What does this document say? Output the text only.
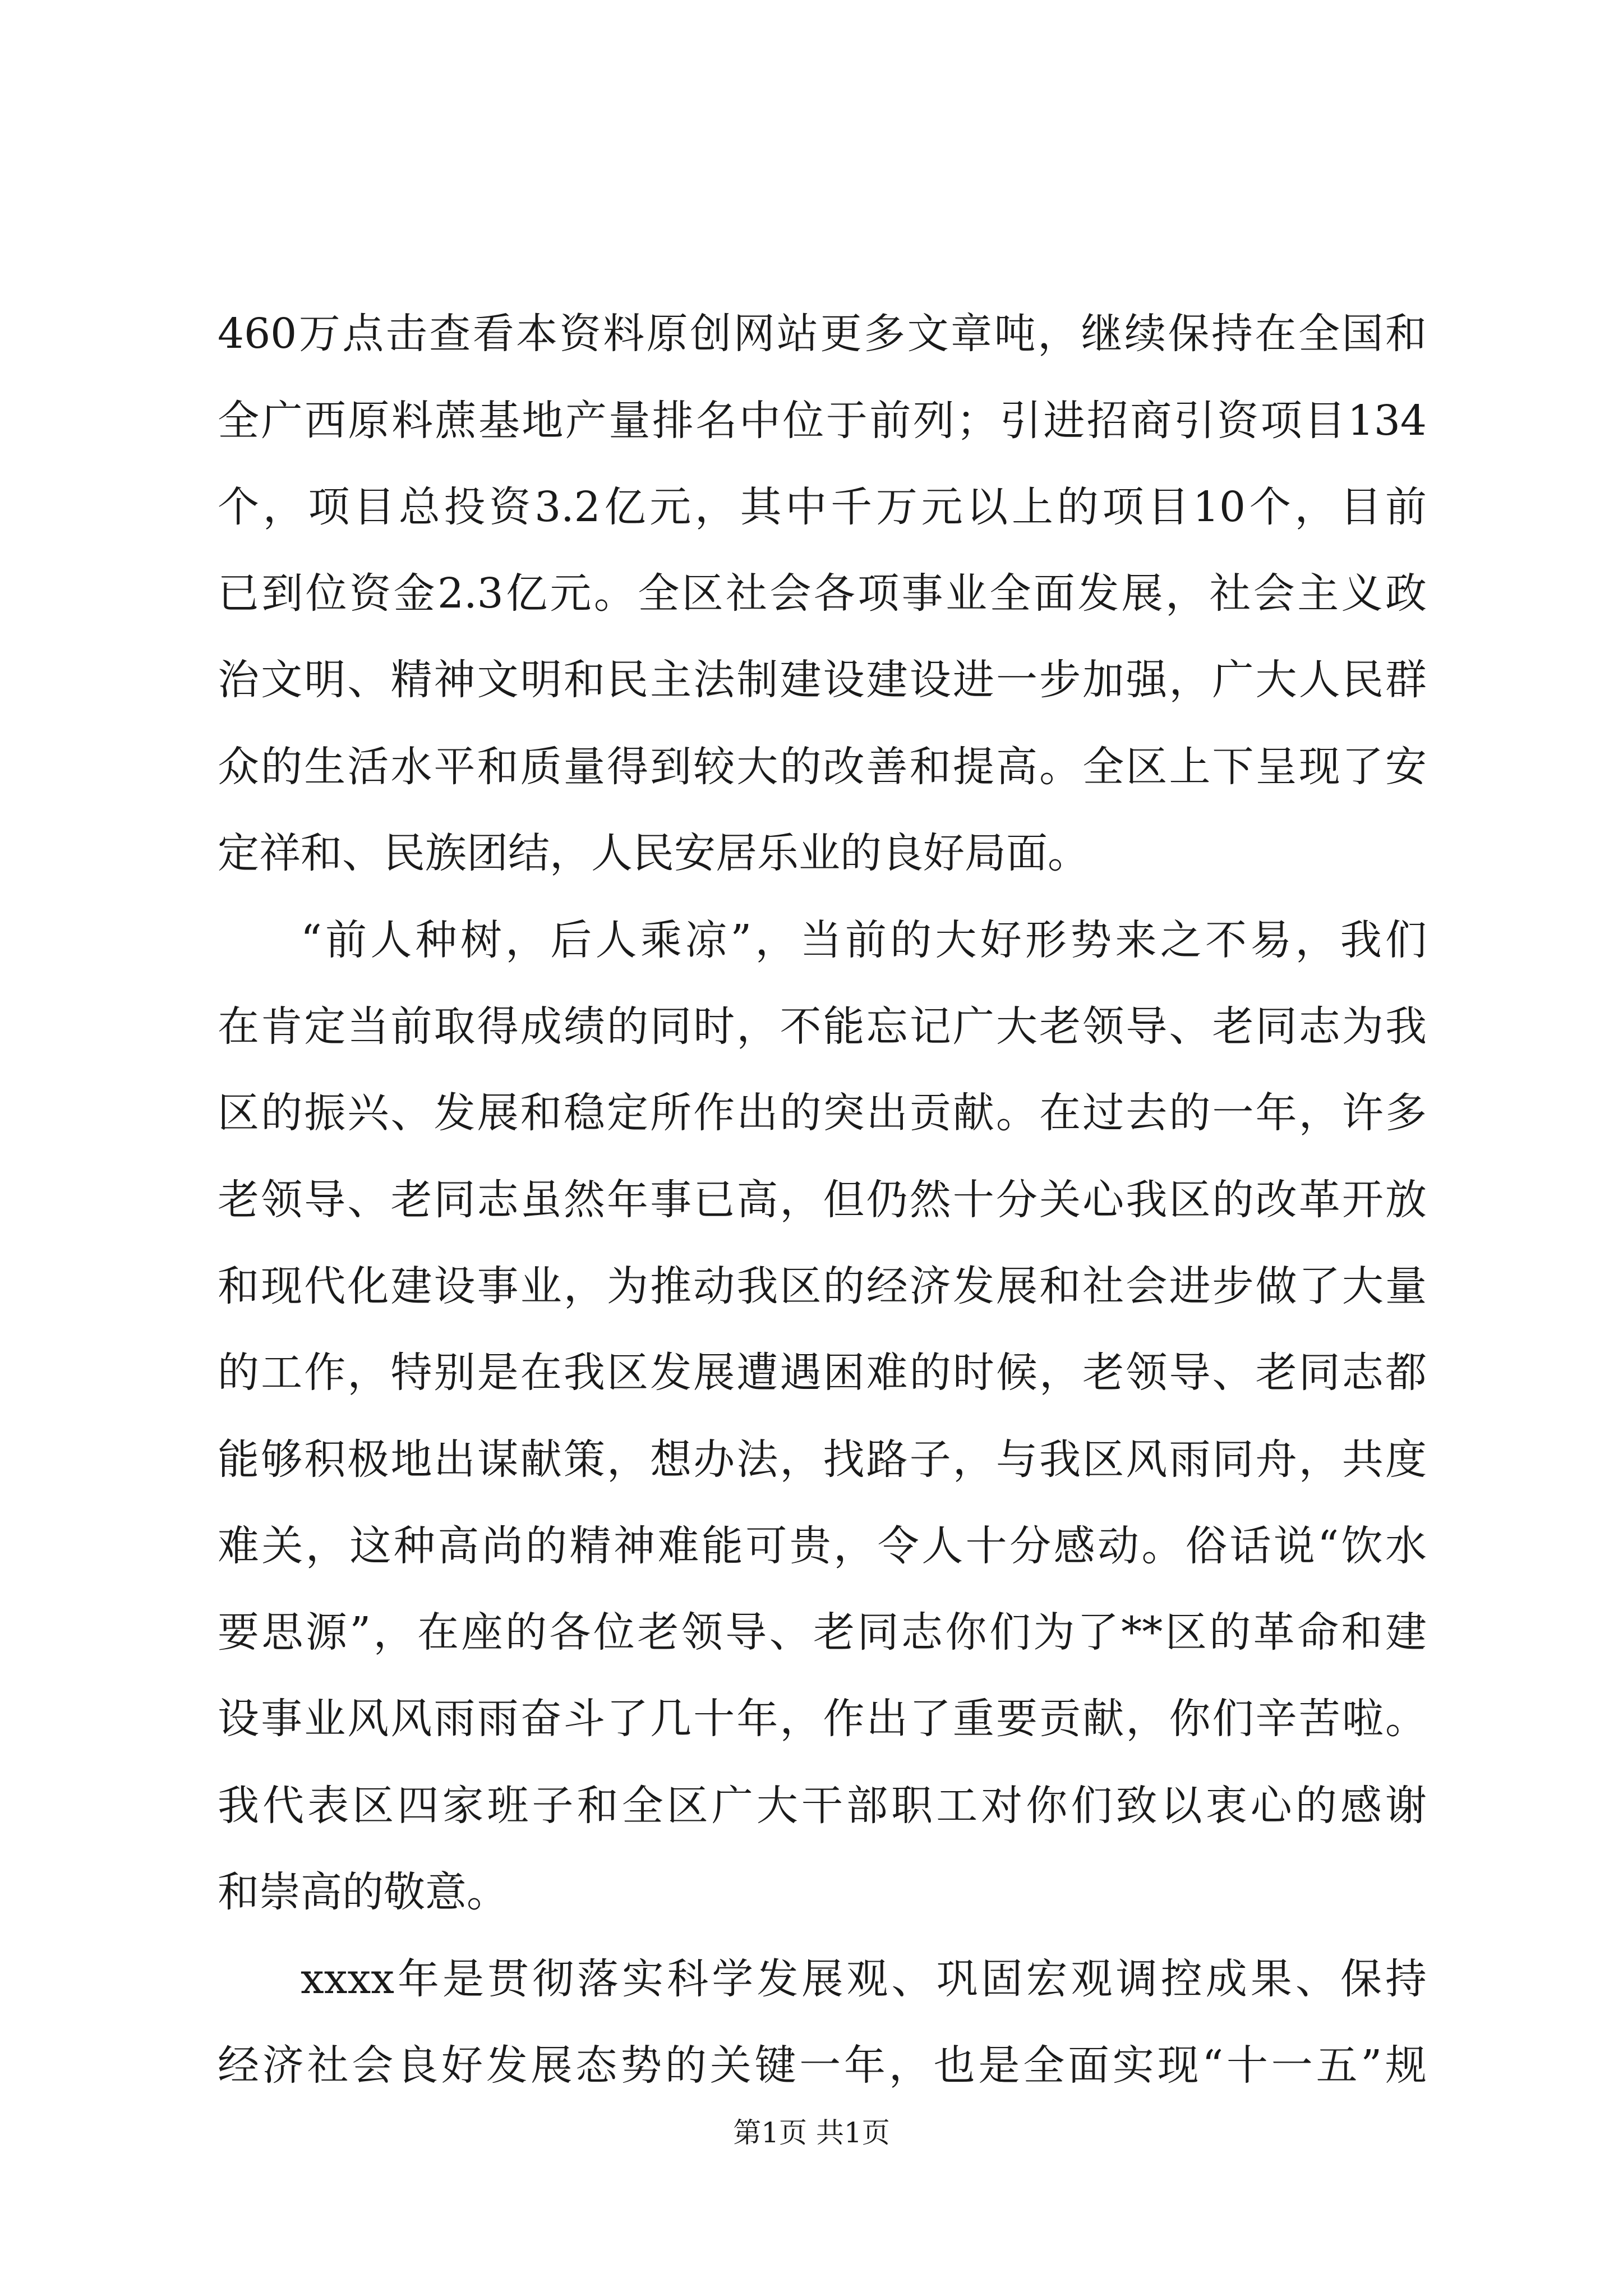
460万点击查看本资料原创网站更多文章吨，继续保持在全国和
全广西原料蔗基地产量排名中位于前列；引进招商引资项目134
个，项目总投资3.2亿元，其中千万元以上的项目10个，目前
已到位资金2.3亿元。全区社会各项事业全面发展，社会主义政
治文明、精神文明和民主法制建设建设进一步加强，广大人民群
众的生活水平和质量得到较大的改善和提高。全区上下呈现了安
定祥和、民族团结，人民安居乐业的良好局面。
“前人种树，后人乘凉”，当前的大好形势来之不易，我们
在肯定当前取得成绩的同时，不能忘记广大老领导、老同志为我
区的振兴、发展和稳定所作出的突出贡献。在过去的一年，许多
老领导、老同志虽然年事已高，但仍然十分关心我区的改革开放
和现代化建设事业，为推动我区的经济发展和社会进步做了大量
的工作，特别是在我区发展遭遇困难的时候，老领导、老同志都
能够积极地出谋献策，想办法，找路子，与我区风雨同舟，共度
难关，这种高尚的精神难能可贵，令人十分感动。俗话说“饮水
要思源”，在座的各位老领导、老同志你们为了**区的革命和建
设事业风风雨雨奋斗了几十年，作出了重要贡献，你们辛苦啦。
我代表区四家班子和全区广大干部职工对你们致以衷心的感谢
和崇高的敬意。
xxxx年是贯彻落实科学发展观、巩固宏观调控成果、保持
经济社会良好发展态势的关键一年，也是全面实现“十一五”规
第1页 共1页
